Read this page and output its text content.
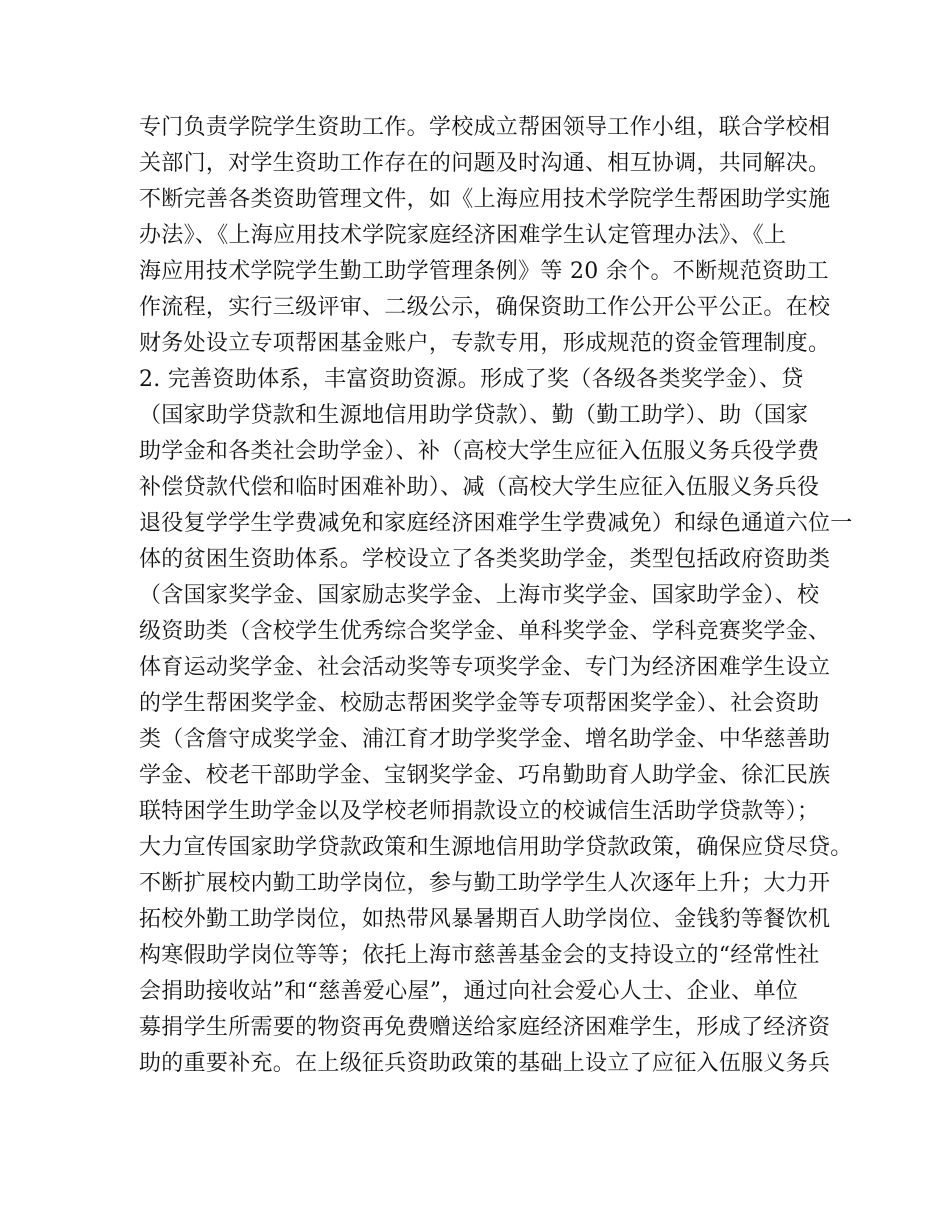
专门负责学院学生资助工作。学校成立帮困领导工作小组，联合学校相
关部门，对学生资助工作存在的问题及时沟通、相互协调，共同解决。
不断完善各类资助管理文件，如《上海应用技术学院学生帮困助学实施
办法》、《上海应用技术学院家庭经济困难学生认定管理办法》、《上
海应用技术学院学生勤工助学管理条例》等 20 余个。不断规范资助工
作流程，实行三级评审、二级公示，确保资助工作公开公平公正。在校
财务处设立专项帮困基金账户，专款专用，形成规范的资金管理制度。
2. 完善资助体系，丰富资助资源。形成了奖（各级各类奖学金）、贷
（国家助学贷款和生源地信用助学贷款）、勤（勤工助学）、助（国家
助学金和各类社会助学金）、补（高校大学生应征入伍服义务兵役学费
补偿贷款代偿和临时困难补助）、减（高校大学生应征入伍服义务兵役
退役复学学生学费减免和家庭经济困难学生学费减免）和绿色通道六位一
体的贫困生资助体系。学校设立了各类奖助学金，类型包括政府资助类
（含国家奖学金、国家励志奖学金、上海市奖学金、国家助学金）、校
级资助类（含校学生优秀综合奖学金、单科奖学金、学科竞赛奖学金、
体育运动奖学金、社会活动奖等专项奖学金、专门为经济困难学生设立
的学生帮困奖学金、校励志帮困奖学金等专项帮困奖学金）、社会资助
类（含詹守成奖学金、浦江育才助学奖学金、增名助学金、中华慈善助
学金、校老干部助学金、宝钢奖学金、巧帛勤助育人助学金、徐汇民族
联特困学生助学金以及学校老师捐款设立的校诚信生活助学贷款等）；
大力宣传国家助学贷款政策和生源地信用助学贷款政策，确保应贷尽贷。
不断扩展校内勤工助学岗位，参与勤工助学学生人次逐年上升；大力开
拓校外勤工助学岗位，如热带风暴暑期百人助学岗位、金钱豹等餐饮机
构寒假助学岗位等等；依托上海市慈善基金会的支持设立的“经常性社
会捐助接收站”和“慈善爱心屋”，通过向社会爱心人士、企业、单位
募捐学生所需要的物资再免费赠送给家庭经济困难学生，形成了经济资
助的重要补充。在上级征兵资助政策的基础上设立了应征入伍服义务兵
